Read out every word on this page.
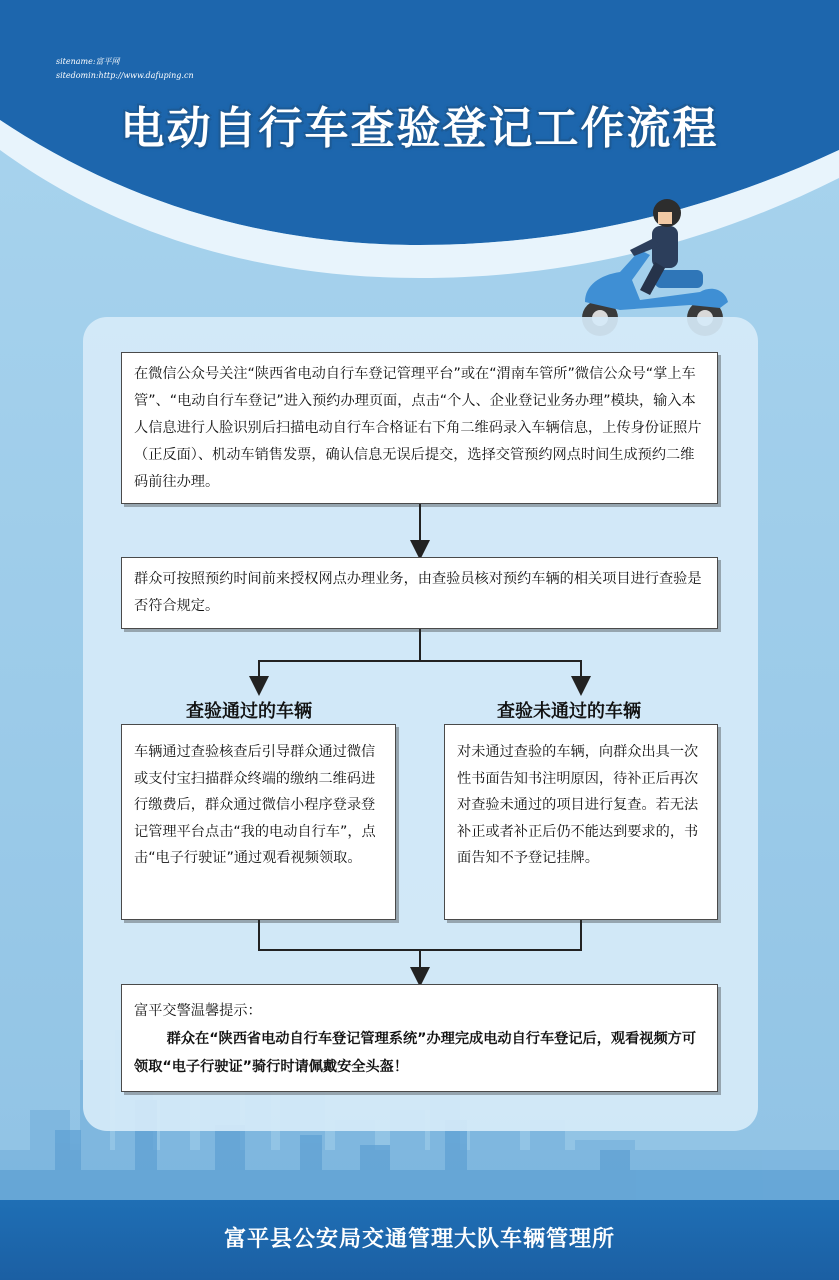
sitename:富平网
sitedomin:http://www.dafuping.cn
电动自行车查验登记工作流程

在微信公众号关注“陕西省电动自行车登记管理平台”或在“渭南车管所”微信公众号“掌上车管”、“电动自行车登记”进入预约办理页面，点击“个人、企业登记业务办理”模块，输入本人信息进行人脸识别后扫描电动自行车合格证右下角二维码录入车辆信息，上传身份证照片（正反面）、机动车销售发票，确认信息无误后提交，选择交管预约网点时间生成预约二维码前往办理。

群众可按照预约时间前来授权网点办理业务，由查验员核对预约车辆的相关项目进行查验是否符合规定。

查验通过的车辆	查验未通过的车辆

车辆通过查验核查后引导群众通过微信或支付宝扫描群众终端的缴纳二维码进行缴费后，群众通过微信小程序登录登记管理平台点击“我的电动自行车”，点击“电子行驶证”通过观看视频领取。

对未通过查验的车辆，向群众出具一次性书面告知书注明原因，待补正后再次对查验未通过的项目进行复查。若无法补正或者补正后仍不能达到要求的，书面告知不予登记挂牌。

富平交警温馨提示：

群众在“陕西省电动自行车登记管理系统”办理完成电动自行车登记后，观看视频方可领取“电子行驶证”骑行时请佩戴安全头盔！

富平县公安局交通管理大队车辆管理所
